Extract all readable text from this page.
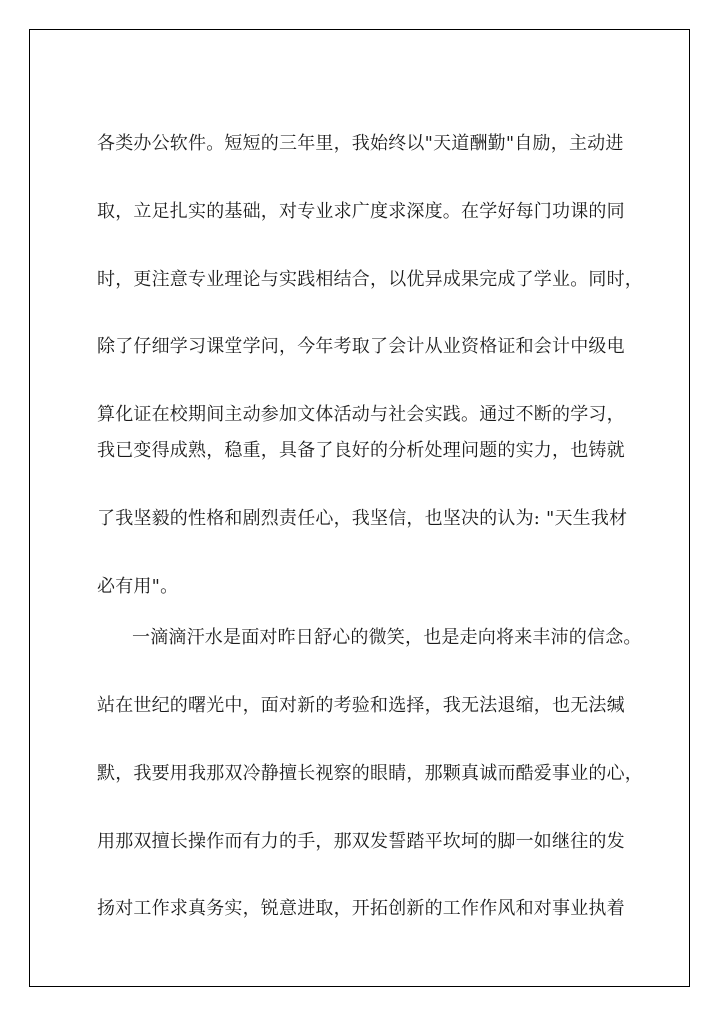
各类办公软件。短短的三年里，我始终以"天道酬勤"自励，主动进
取，立足扎实的基础，对专业求广度求深度。在学好每门功课的同
时，更注意专业理论与实践相结合，以优异成果完成了学业。同时，
除了仔细学习课堂学问，今年考取了会计从业资格证和会计中级电
算化证在校期间主动参加文体活动与社会实践。通过不断的学习，
我已变得成熟，稳重，具备了良好的分析处理问题的实力，也铸就
了我坚毅的性格和剧烈责任心，我坚信，也坚决的认为: "天生我材
必有用"。
一滴滴汗水是面对昨日舒心的微笑，也是走向将来丰沛的信念。
站在世纪的曙光中，面对新的考验和选择，我无法退缩，也无法缄
默，我要用我那双冷静擅长视察的眼睛，那颗真诚而酷爱事业的心，
用那双擅长操作而有力的手，那双发誓踏平坎坷的脚一如继往的发
扬对工作求真务实，锐意进取，开拓创新的工作作风和对事业执着
